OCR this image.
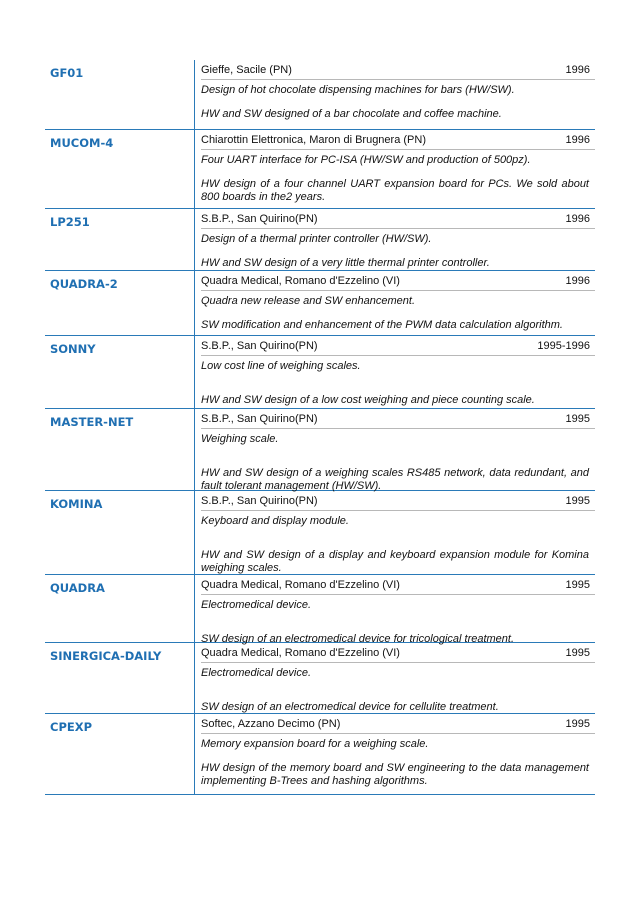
GF01	Gieffe, Sacile (PN)	1996
Design of hot chocolate dispensing machines for bars (HW/SW).
HW and SW designed of a bar chocolate and coffee machine.
MUCOM-4	Chiarottin Elettronica, Maron di Brugnera (PN)	1996
Four UART interface for PC-ISA (HW/SW and production of 500pz).
HW design of a four channel UART expansion board for PCs. We sold about 800 boards in the2 years.
LP251	S.B.P., San Quirino(PN)	1996
Design of a thermal printer controller (HW/SW).
HW and SW design of a very little thermal printer controller.
QUADRA-2	Quadra Medical, Romano d'Ezzelino (VI)	1996
Quadra new release and SW enhancement.
SW modification and enhancement of the PWM data calculation algorithm.
SONNY	S.B.P., San Quirino(PN)	1995-1996
Low cost line of weighing scales.
HW and SW design of a low cost weighing and piece counting scale.
MASTER-NET	S.B.P., San Quirino(PN)	1995
Weighing scale.
HW and SW design of a weighing scales RS485 network, data redundant, and fault tolerant management (HW/SW).
KOMINA	S.B.P., San Quirino(PN)	1995
Keyboard and display module.
HW and SW design of a display and keyboard expansion module for Komina weighing scales.
QUADRA	Quadra Medical, Romano d'Ezzelino (VI)	1995
Electromedical device.
SW design of an electromedical device for tricological treatment.
SINERGICA-DAILY	Quadra Medical, Romano d'Ezzelino (VI)	1995
Electromedical device.
SW design of an electromedical device for cellulite treatment.
CPEXP	Softec, Azzano Decimo (PN)	1995
Memory expansion board for a weighing scale.
HW design of the memory board and SW engineering to the data management implementing B-Trees and hashing algorithms.
